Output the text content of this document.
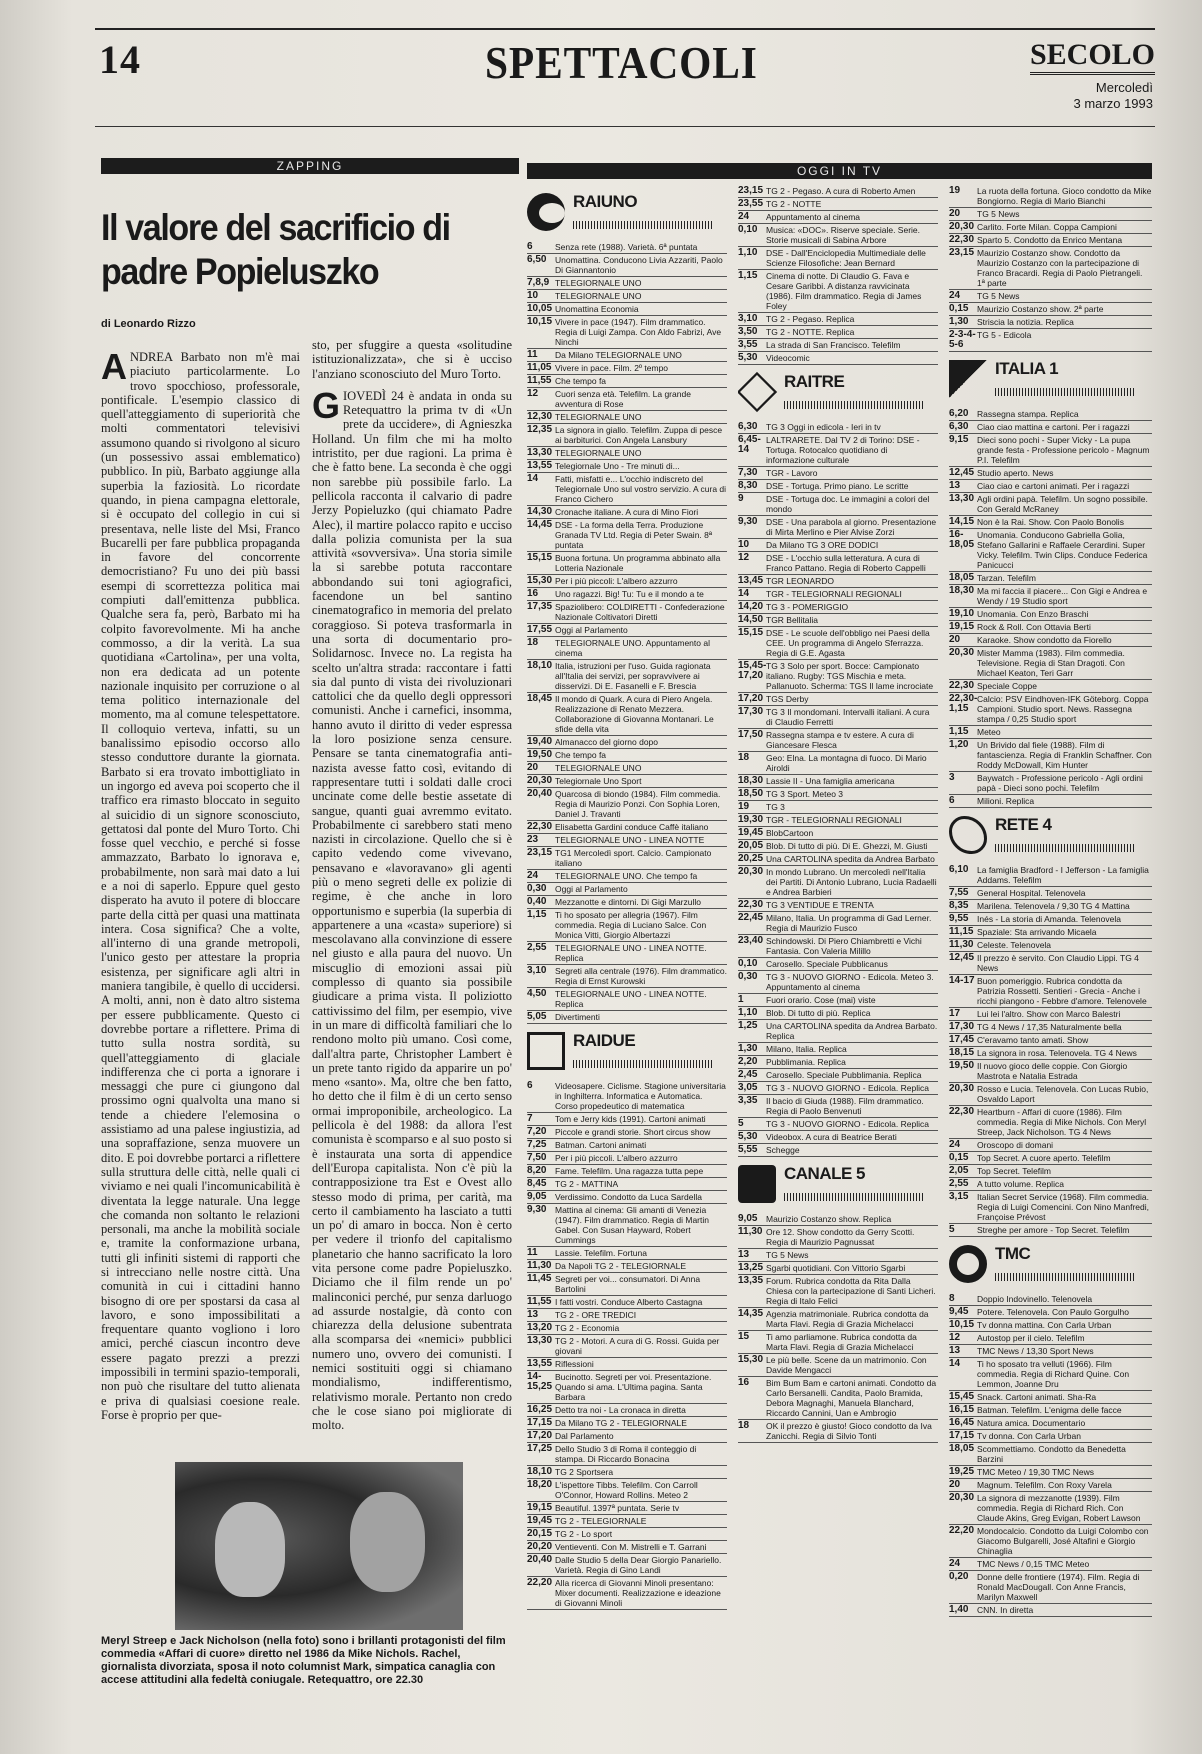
14	SPETTACOLI	SECOLO
Mercoledì
3 marzo 1993
ZAPPING	OGGI IN TV
Il valore del sacrificio di padre Popieluszko
di Leonardo Rizzo

ANDREA Barbato non m'è mai piaciuto particolarmente. Lo trovo spocchioso, professorale, pontificale. L'esempio classico di quell'atteggiamento di superiorità che molti commentatori televisivi assumono quando si rivolgono al sicuro (un possessivo assai emblematico) pubblico. In più, Barbato aggiunge alla superbia la faziosità. Lo ricordate quando, in piena campagna elettorale, si è occupato del collegio in cui si presentava, nelle liste del Msi, Franco Bucarelli per fare pubblica propaganda in favore del concorrente democristiano? Fu uno dei più bassi esempi di scorrettezza politica mai compiuti dall'emittenza pubblica. Qualche sera fa, però, Barbato mi ha colpito favorevolmente. Mi ha anche commosso, a dir la verità. La sua quotidiana «Cartolina», per una volta, non era dedicata ad un potente nazionale inquisito per corruzione o al tema politico internazionale del momento, ma al comune telespettatore. Il colloquio verteva, infatti, su un banalissimo episodio occorso allo stesso conduttore durante la giornata. Barbato si era trovato imbottigliato in un ingorgo ed aveva poi scoperto che il traffico era rimasto bloccato in seguito al suicidio di un signore sconosciuto, gettatosi dal ponte del Muro Torto. Chi fosse quel vecchio, e perché si fosse ammazzato, Barbato lo ignorava e, probabilmente, non sarà mai dato a lui e a noi di saperlo. Eppure quel gesto disperato ha avuto il potere di bloccare parte della città per quasi una mattinata intera. Cosa significa? Che a volte, all'interno di una grande metropoli, l'unico gesto per attestare la propria esistenza, per significare agli altri in maniera tangibile, è quello di uccidersi. A molti, anni, non è dato altro sistema per essere pubblicamente. Questo ci dovrebbe portare a riflettere. Prima di tutto sulla nostra sordità, su quell'atteggiamento di glaciale indifferenza che ci porta a ignorare i messaggi che pure ci giungono dal prossimo ogni qualvolta una mano si tende a chiedere l'elemosina o assistiamo ad una palese ingiustizia, ad una sopraffazione, senza muovere un dito. E poi dovrebbe portarci a riflettere sulla struttura delle città, nelle quali ci viviamo e nei quali l'incomunicabilità è diventata la legge naturale. Una legge che comanda non soltanto le relazioni personali, ma anche la mobilità sociale e, tramite la conformazione urbana, tutti gli infiniti sistemi di rapporti che si intrecciano nelle nostre città. Una comunità in cui i cittadini hanno bisogno di ore per spostarsi da casa al lavoro, e sono impossibilitati a frequentare quanto vogliono i loro amici, perché ciascun incontro deve essere pagato prezzi a prezzi impossibili in termini spazio-temporali, non può che risultare del tutto alienata e priva di qualsiasi coesione reale. Forse è proprio per que-

sto, per sfuggire a questa «solitudine istituzionalizzata», che si è ucciso l'anziano sconosciuto del Muro Torto.

GIOVEDÌ 24 è andata in onda su Retequattro la prima tv di «Un prete da uccidere», di Agnieszka Holland. Un film che mi ha molto intristito, per due ragioni. La prima è che è fatto bene. La seconda è che oggi non sarebbe più possibile farlo. La pellicola racconta il calvario di padre Jerzy Popieluzko (qui chiamato Padre Alec), il martire polacco rapito e ucciso dalla polizia comunista per la sua attività «sovversiva». Una storia simile la si sarebbe potuta raccontare abbondando sui toni agiografici, facendone un bel santino cinematografico in memoria del prelato coraggioso. Si poteva trasformarla in una sorta di documentario pro-Solidarnosc. Invece no. La regista ha scelto un'altra strada: raccontare i fatti sia dal punto di vista dei rivoluzionari cattolici che da quello degli oppressori comunisti. Anche i carnefici, insomma, hanno avuto il diritto di veder espressa la loro posizione senza censure. Pensare se tanta cinematografia anti-nazista avesse fatto così, evitando di rappresentare tutti i soldati dalle croci uncinate come delle bestie assetate di sangue, quanti guai avremmo evitato. Probabilmente ci sarebbero stati meno nazisti in circolazione. Quello che si è capito vedendo come vivevano, pensavano e «lavoravano» gli agenti più o meno segreti delle ex polizie di regime, è che anche in loro opportunismo e superbia (la superbia di appartenere a una «casta» superiore) si mescolavano alla convinzione di essere nel giusto e alla paura del nuovo. Un miscuglio di emozioni assai più complesso di quanto sia possibile giudicare a prima vista. Il poliziotto cattivissimo del film, per esempio, vive in un mare di difficoltà familiari che lo rendono molto più umano. Così come, dall'altra parte, Christopher Lambert è un prete tanto rigido da apparire un po' meno «santo». Ma, oltre che ben fatto, ho detto che il film è di un certo senso ormai improponibile, archeologico. La pellicola è del 1988: da allora l'est comunista è scomparso e al suo posto si è instaurata una sorta di appendice dell'Europa capitalista. Non c'è più la contrapposizione tra Est e Ovest allo stesso modo di prima, per carità, ma certo il cambiamento ha lasciato a tutti un po' di amaro in bocca. Non è certo per vedere il trionfo del capitalismo planetario che hanno sacrificato la loro vita persone come padre Popieluszko. Diciamo che il film rende un po' malinconici perché, pur senza darluogo ad assurde nostalgie, dà conto con chiarezza della delusione subentrata alla scomparsa dei «nemici» pubblici numero uno, ovvero dei comunisti. I nemici sostituiti oggi si chiamano mondialismo, indifferentismo, relativismo morale. Pertanto non credo che le cose siano poi migliorate di molto.

Meryl Streep e Jack Nicholson (nella foto) sono i brillanti protagonisti del film commedia «Affari di cuore» diretto nel 1986 da Mike Nichols. Rachel, giornalista divorziata, sposa il noto columnist Mark, simpatica canaglia con accese attitudini alla fedeltà coniugale. Retequattro, ore 22.30
RAIUNO
6	Senza rete (1988). Varietà. 6ª puntata
6,50	Unomattina. Conducono Livia Azzariti, Paolo Di Giannantonio
7,8,9 TELEGIORNALE UNO
10	TELEGIORNALE UNO
10,05 Unomattina Economia
10,15 Vivere in pace (1947). Film drammatico. Regia di Luigi Zampa. Con Aldo Fabrizi, Ave Ninchi
11	Da Milano TELEGIORNALE UNO
11,05 Vivere in pace. Film. 2º tempo
11,55 Che tempo fa
12	Cuori senza età. Telefilm. La grande avventura di Rose
12,30 TELEGIORNALE UNO
12,35 La signora in giallo. Telefilm. Zuppa di pesce ai barbiturici. Con Angela Lansbury
13,30 TELEGIORNALE UNO
13,55 Telegiornale Uno - Tre minuti di...
14	Fatti, misfatti e... L'occhio indiscreto del Telegiornale Uno sul vostro servizio. A cura di Franco Cichero
14,30 Cronache italiane. A cura di Mino Fiori
14,45 DSE - La forma della Terra. Produzione Granada TV Ltd. Regia di Peter Swain. 8ª puntata
15,15 Buona fortuna. Un programma abbinato alla Lotteria Nazionale
15,30 Per i più piccoli: L'albero azzurro
16	Uno ragazzi. Big! Tu: Tu e il mondo a te
17,35 Spaziolibero: COLDIRETTI - Confederazione Nazionale Coltivatori Diretti
17,55 Oggi al Parlamento
18	TELEGIORNALE UNO. Appuntamento al cinema
18,10 Italia, istruzioni per l'uso. Guida ragionata all'Italia dei servizi, per sopravvivere ai disservizi. Di E. Fasanelli e F. Brescia
18,45 Il mondo di Quark. A cura di Piero Angela. Realizzazione di Renato Mezzera. Collaborazione di Giovanna Montanari. Le sfide della vita
19,40 Almanacco del giorno dopo
19,50 Che tempo fa
20	TELEGIORNALE UNO
20,30 Telegiornale Uno Sport
20,40 Quarcosa di biondo (1984). Film commedia. Regia di Maurizio Ponzi. Con Sophia Loren, Daniel J. Travanti
22,30 Elisabetta Gardini conduce Caffè italiano
23	TELEGIORNALE UNO - LINEA NOTTE
23,15 TG1 Mercoledì sport. Calcio. Campionato italiano
24	TELEGIORNALE UNO. Che tempo fa
0,30	Oggi al Parlamento
0,40	Mezzanotte e dintorni. Di Gigi Marzullo
1,15	Ti ho sposato per allegria (1967). Film commedia. Regia di Luciano Salce. Con Monica Vitti, Giorgio Albertazzi
2,55	TELEGIORNALE UNO - LINEA NOTTE. Replica
3,10	Segreti alla centrale (1976). Film drammatico. Regia di Ernst Kurowski
4,50	TELEGIORNALE UNO - LINEA NOTTE. Replica
5,05	Divertimenti
RAIDUE
6	Videosapere. Ciclisme. Stagione universitaria in Inghilterra. Informatica e Automatica. Corso propedeutico di matematica
7	Tom e Jerry kids (1991). Cartoni animati
7,20	Piccole e grandi storie. Short circus show
7,25	Batman. Cartoni animati
7,50	Per i più piccoli. L'albero azzurro
8,20	Fame. Telefilm. Una ragazza tutta pepe
8,45	TG 2 - MATTINA
9,05	Verdissimo. Condotto da Luca Sardella
9,30	Mattina al cinema: Gli amanti di Venezia (1947). Film drammatico. Regia di Martin Gabel. Con Susan Hayward, Robert Cummings
11	Lassie. Telefilm. Fortuna
11,30 Da Napoli TG 2 - TELEGIORNALE
11,45 Segreti per voi... consumatori. Di Anna Bartolini
11,55 I fatti vostri. Conduce Alberto Castagna
13	TG 2 - ORE TREDICI
13,20 TG 2 - Economia
13,30 TG 2 - Motori. A cura di G. Rossi. Guida per giovani
13,55 Riflessioni
14-15,25
Bucinotto. Segreti per voi. Presentazione. Quando si ama. L'Ultima pagina. Santa Barbara
16,25 Detto tra noi - La cronaca in diretta
17,15 Da Milano TG 2 - TELEGIORNALE
17,20 Dal Parlamento
17,25 Dello Studio 3 di Roma il conteggio di stampa. Di Riccardo Bonacina
18,10 TG 2 Sportsera
18,20 L'ispettore Tibbs. Telefilm. Con Carroll O'Connor, Howard Rollins. Meteo 2
19,15 Beautiful. 1397ª puntata. Serie tv
19,45 TG 2 - TELEGIORNALE
20,15 TG 2 - Lo sport
20,20 Ventieventi. Con M. Mistrelli e T. Garrani
20,40 Dalle Studio 5 della Dear Giorgio Panariello. Varietà. Regia di Gino Landi
22,20 Alla ricerca di Giovanni Minoli presentano: Mixer documenti. Realizzazione e ideazione di Giovanni Minoli
23,15 TG 2 - Pegaso. A cura di Roberto Amen
23,55 TG 2 - NOTTE
24	Appuntamento al cinema
0,10	Musica: «DOC». Riserve speciale. Serie. Storie musicali di Sabina Arbore
1,10	DSE - Dall'Enciclopedia Multimediale delle Scienze Filosofiche: Jean Bernard
1,15	Cinema di notte. Di Claudio G. Fava e Cesare Garibbi. A distanza ravvicinata (1986). Film drammatico. Regia di James Foley
3,10	TG 2 - Pegaso. Replica
3,50	TG 2 - NOTTE. Replica
3,55	La strada di San Francisco. Telefilm
5,30	Videocomic
RAITRE
6,30	TG 3 Oggi in edicola - Ieri in tv
6,45-14
LALTRARETE. Dal TV 2 di Torino: DSE - Tortuga. Rotocalco quotidiano di informazione culturale
7,30	TGR - Lavoro
8,30	DSE - Tortuga. Primo piano. Le scritte
9	DSE - Tortuga doc. Le immagini a colori del mondo
9,30	DSE - Una parabola al giorno. Presentazione di Mirta Merlino e Pier Alvise Zorzi
10	Da Milano TG 3 ORE DODICI
12	DSE - L'occhio sulla letteratura. A cura di Franco Pattano. Regia di Roberto Cappelli
13,45 TGR LEONARDO
14	TGR - TELEGIORNALI REGIONALI
14,20 TG 3 - POMERIGGIO
14,50 TGR Bellitalia
15,15 DSE - Le scuole dell'obbligo nei Paesi della CEE. Un programma di Angelo Sferrazza. Regia di G.E. Agasta
15,45-17,20
TG 3 Solo per sport. Bocce: Campionato italiano. Rugby: TGS Mischia e meta. Pallanuoto. Scherma: TGS Il lame incrociate
17,20 TGS Derby
17,30 TG 3 Il mondomani. Intervalli italiani. A cura di Claudio Ferretti
17,50 Rassegna stampa e tv estere. A cura di Giancesare Flesca
18	Geo: Elna. La montagna di fuoco. Di Mario Airoldi
18,30 Lassie II - Una famiglia americana
18,50 TG 3 Sport. Meteo 3
19	TG 3
19,30 TGR - TELEGIORNALI REGIONALI
19,45 BlobCartoon
20,05 Blob. Di tutto di più. Di E. Ghezzi, M. Giusti
20,25 Una CARTOLINA spedita da Andrea Barbato
20,30 In mondo Lubrano. Un mercoledì nell'Italia dei Partiti. Di Antonio Lubrano, Lucia Radaelli e Andrea Barbieri
22,30 TG 3 VENTIDUE E TRENTA
22,45 Milano, Italia. Un programma di Gad Lerner. Regia di Maurizio Fusco
23,40 Schindowski. Di Piero Chiambretti e Vichi Fantasia. Con Valeria Milillo
0,10	Carosello. Speciale Pubblicanus
0,30	TG 3 - NUOVO GIORNO - Edicola. Meteo 3. Appuntamento al cinema
1	Fuori orario. Cose (mai) viste
1,10	Blob. Di tutto di più. Replica
1,25	Una CARTOLINA spedita da Andrea Barbato. Replica
1,30	Milano, Italia. Replica
2,20	Pubblimania. Replica
2,45	Carosello. Speciale Pubblimania. Replica
3,05	TG 3 - NUOVO GIORNO - Edicola. Replica
3,35	Il bacio di Giuda (1988). Film drammatico. Regia di Paolo Benvenuti
5	TG 3 - NUOVO GIORNO - Edicola. Replica
5,30	Videobox. A cura di Beatrice Berati
5,55	Schegge
CANALE 5
9,05	Maurizio Costanzo show. Replica
11,30 Ore 12. Show condotto da Gerry Scotti. Regia di Maurizio Pagnussat
13	TG 5 News
13,25 Sgarbi quotidiani. Con Vittorio Sgarbi
13,35 Forum. Rubrica condotta da Rita Dalla Chiesa con la partecipazione di Santi Licheri. Regia di Italo Felici
14,35 Agenzia matrimoniale. Rubrica condotta da Marta Flavi. Regia di Grazia Michelacci
15	Ti amo parliamone. Rubrica condotta da Marta Flavi. Regia di Grazia Michelacci
15,30 Le più belle. Scene da un matrimonio. Con Davide Mengacci
16	Bim Bum Bam e cartoni animati. Condotto da Carlo Bersanelli. Candita, Paolo Bramida, Debora Magnaghi, Manuela Blanchard, Riccardo Cannini, Uan e Ambrogio
18	OK il prezzo è giusto! Gioco condotto da Iva Zanicchi. Regia di Silvio Tonti
19	La ruota della fortuna. Gioco condotto da Mike Bongiorno. Regia di Mario Bianchi
20	TG 5 News
20,30 Carlito. Forte Milan. Coppa Campioni
22,30 Sparto 5. Condotto da Enrico Mentana
23,15 Maurizio Costanzo show. Condotto da Maurizio Costanzo con la partecipazione di Franco Bracardi. Regia di Paolo Pietrangeli. 1ª parte
24	TG 5 News
0,15	Maurizio Costanzo show. 2ª parte
1,30	Striscia la notizia. Replica
2-3-4-5-6
TG 5 - Edicola
ITALIA 1
6,20	Rassegna stampa. Replica
6,30	Ciao ciao mattina e cartoni. Per i ragazzi
9,15	Dieci sono pochi - Super Vicky - La pupa grande festa - Professione pericolo - Magnum P.I. Telefilm
12,45 Studio aperto. News
13	Ciao ciao e cartoni animati. Per i ragazzi
13,30 Agli ordini papà. Telefilm. Un sogno possibile. Con Gerald McRaney
14,15 Non è la Rai. Show. Con Paolo Bonolis
16-18,05
Unomania. Conducono Gabriella Golia, Stefano Gallarini e Raffaele Cerardini. Super Vicky. Telefilm. Twin Clips. Conduce Federica Panicucci
18,05 Tarzan. Telefilm
18,30 Ma mi faccia il piacere... Con Gigi e Andrea e Wendy / 19 Studio sport
19,10 Unomania. Con Enzo Braschi
19,15 Rock & Roll. Con Ottavia Berti
20	Karaoke. Show condotto da Fiorello
20,30 Mister Mamma (1983). Film commedia. Televisione. Regia di Stan Dragoti. Con Michael Keaton, Teri Garr
22,30 Speciale Coppe
22,30-1,15
Calcio: PSV Eindhoven-IFK Göteborg. Coppa Campioni. Studio sport. News. Rassegna stampa / 0,25 Studio sport
1,15	Meteo
1,20	Un Brivido dal fiele (1988). Film di fantascienza. Regia di Franklin Schaffner. Con Roddy McDowall, Kim Hunter
3	Baywatch - Professione pericolo - Agli ordini papà - Dieci sono pochi. Telefilm
6	Milioni. Replica
RETE 4
6,10	La famiglia Bradford - I Jefferson - La famiglia Addams. Telefilm
7,55	General Hospital. Telenovela
8,35	Marilena. Telenovela / 9,30 TG 4 Mattina
9,55	Inés - La storia di Amanda. Telenovela
11,15 Spaziale: Sta arrivando Micaela
11,30 Celeste. Telenovela
12,45 Il prezzo è servito. Con Claudio Lippi. TG 4 News
14-17 Buon pomeriggio. Rubrica condotta da Patrizia Rossetti. Sentieri - Grecia - Anche i ricchi piangono - Febbre d'amore. Telenovele
17	Lui lei l'altro. Show con Marco Balestri
17,30 TG 4 News / 17,35 Naturalmente bella
17,45 C'eravamo tanto amati. Show
18,15 La signora in rosa. Telenovela. TG 4 News
19,50 Il nuovo gioco delle coppie. Con Giorgio Mastrota e Natalia Estrada
20,30 Rosso e Lucia. Telenovela. Con Lucas Rubio, Osvaldo Laport
22,30 Heartburn - Affari di cuore (1986). Film commedia. Regia di Mike Nichols. Con Meryl Streep, Jack Nicholson. TG 4 News
24	Oroscopo di domani
0,15	Top Secret. A cuore aperto. Telefilm
2,05	Top Secret. Telefilm
2,55	A tutto volume. Replica
3,15	Italian Secret Service (1968). Film commedia. Regia di Luigi Comencini. Con Nino Manfredi, Françoise Prévost
5	Streghe per amore - Top Secret. Telefilm
TMC
8	Doppio Indovinello. Telenovela
9,45	Potere. Telenovela. Con Paulo Gorgulho
10,15 Tv donna mattina. Con Carla Urban
12	Autostop per il cielo. Telefilm
13	TMC News / 13,30 Sport News
14	Ti ho sposato tra velluti (1966). Film commedia. Regia di Richard Quine. Con Lemmon, Joanne Dru
15,45 Snack. Cartoni animati. Sha-Ra
16,15 Batman. Telefilm. L'enigma delle facce
16,45 Natura amica. Documentario
17,15 Tv donna. Con Carla Urban
18,05 Scommettiamo. Condotto da Benedetta Barzini
19,25 TMC Meteo / 19,30 TMC News
20	Magnum. Telefilm. Con Roxy Varela
20,30 La signora di mezzanotte (1939). Film commedia. Regia di Richard Rich. Con Claude Akins, Greg Evigan, Robert Lawson
22,20 Mondocalcio. Condotto da Luigi Colombo con Giacomo Bulgarelli, José Altafini e Giorgio Chinaglia
24	TMC News / 0,15 TMC Meteo
0,20	Donne delle frontiere (1974). Film. Regia di Ronald MacDougall. Con Anne Francis, Marilyn Maxwell
1,40	CNN. In diretta
